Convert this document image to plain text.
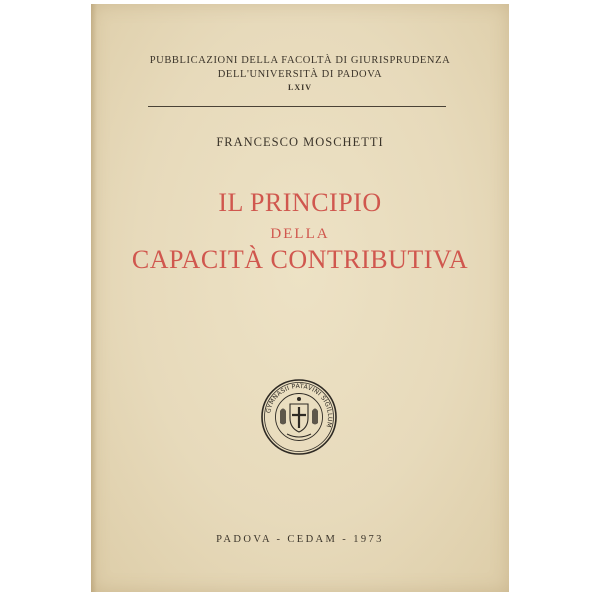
PUBBLICAZIONI DELLA FACOLTÀ DI GIURISPRUDENZA
DELL'UNIVERSITÀ DI PADOVA
LXIV
FRANCESCO MOSCHETTI
IL PRINCIPIO
DELLA
CAPACITÀ CONTRIBUTIVA
GYMNASII PATAVINI SIGILLUM
PADOVA - CEDAM - 1973
